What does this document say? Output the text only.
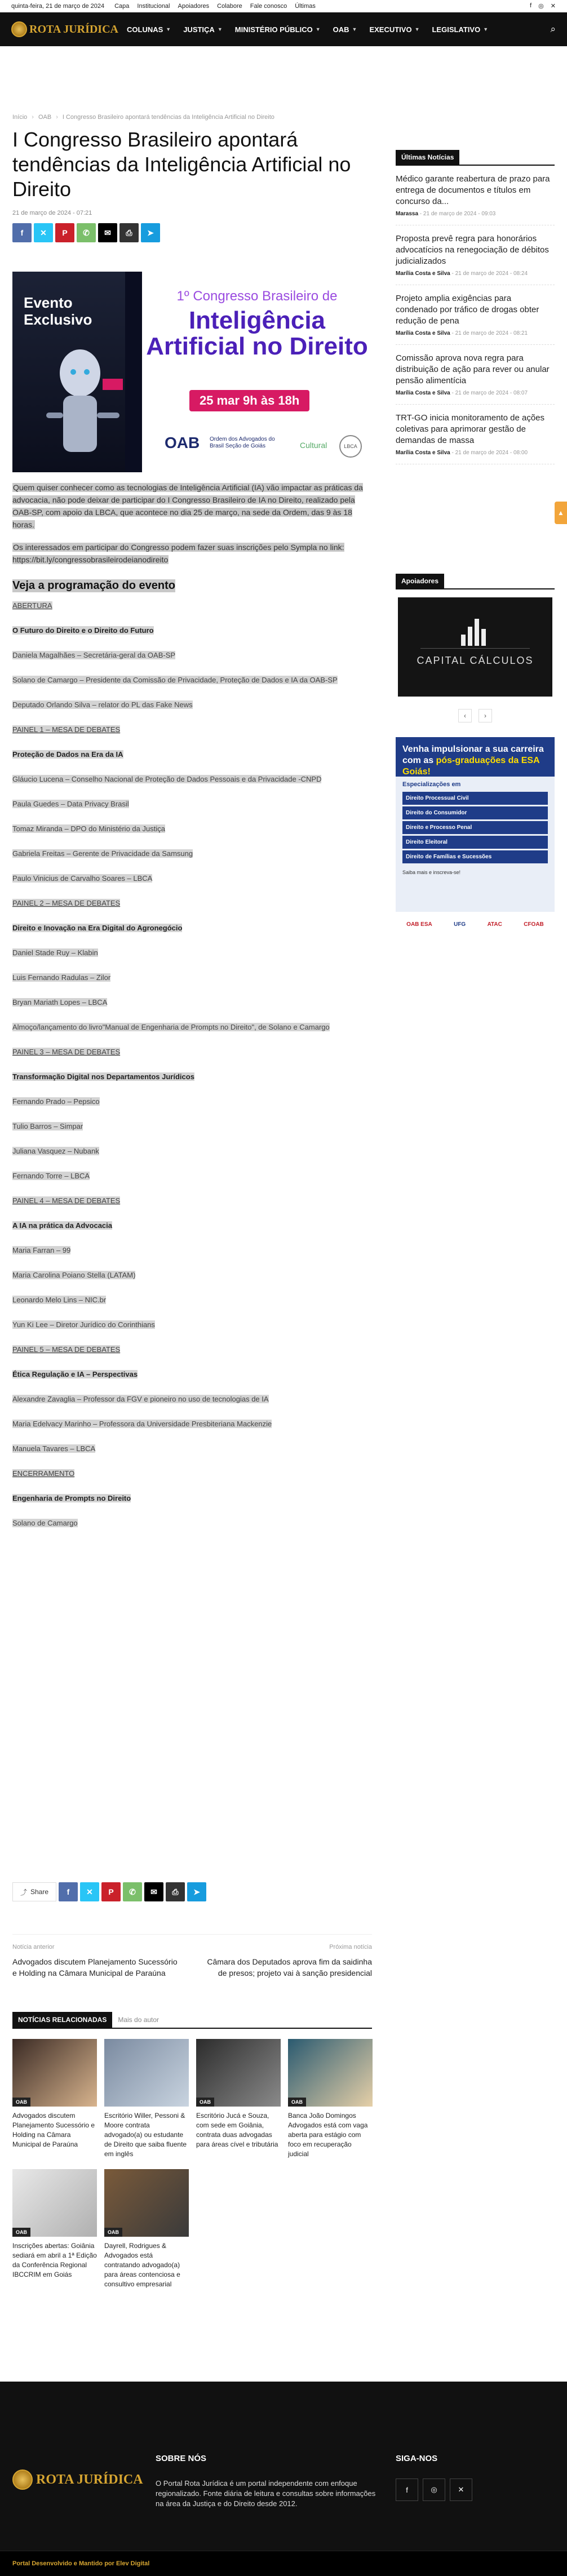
quinta-feira, 21 de março de 2024 Capa Institucional Apoiadores Colabore Fale conosco Últimas	f ◎ ✕
ROTA JURÍDICA COLUNAS ▼ JUSTIÇA ▼ MINISTÉRIO PÚBLICO ▼ OAB ▼ EXECUTIVO ▼ LEGISLATIVO ▼	⌕
Início › OAB › I Congresso Brasileiro apontará tendências da Inteligência Artificial no Direito
I Congresso Brasileiro apontará tendências da Inteligência Artificial no Direito
21 de março de 2024 - 07:21
f	✕	P	✆	✉	⎙	➤
Evento Exclusivo
1º Congresso Brasileiro de
Inteligência Artificial no Direito
25 mar 9h às 18h
OAB Ordem dos Advogados do Brasil Seção de Goiás	Cultural	LBCA

Quem quiser conhecer como as tecnologias de Inteligência Artificial (IA) vão impactar as práticas da advocacia, não pode deixar de participar do I Congresso Brasileiro de IA no Direito, realizado pela OAB-SP, com apoio da LBCA, que acontece no dia 25 de março, na sede da Ordem, das 9 às 18 horas.

Os interessados em participar do Congresso podem fazer suas inscrições pelo Sympla no link: https://bit.ly/congressobrasileirodeianodireito

Veja a programação do evento

ABERTURA

O Futuro do Direito e o Direito do Futuro

Daniela Magalhães – Secretária-geral da OAB-SP

Solano de Camargo – Presidente da Comissão de Privacidade, Proteção de Dados e IA da OAB-SP

Deputado Orlando Silva – relator do PL das Fake News

PAINEL 1 – MESA DE DEBATES

Proteção de Dados na Era da IA

Gláucio Lucena – Conselho Nacional de Proteção de Dados Pessoais e da Privacidade -CNPD

Paula Guedes – Data Privacy Brasil

Tomaz Miranda – DPO do Ministério da Justiça

Gabriela Freitas – Gerente de Privacidade da Samsung

Paulo Vinicius de Carvalho Soares – LBCA

PAINEL 2 – MESA DE DEBATES

Direito e Inovação na Era Digital do Agronegócio

Daniel Stade Ruy – Klabin

Luis Fernando Radulas – Zilor

Bryan Mariath Lopes – LBCA

Almoço/lançamento do livro"Manual de Engenharia de Prompts no Direito", de Solano e Camargo

PAINEL 3 – MESA DE DEBATES

Transformação Digital nos Departamentos Jurídicos

Fernando Prado – Pepsico

Tulio Barros – Simpar

Juliana Vasquez – Nubank

Fernando Torre – LBCA

PAINEL 4 – MESA DE DEBATES

A IA na prática da Advocacia

Maria Farran – 99

Maria Carolina Poiano Stella (LATAM)

Leonardo Melo Lins – NIC.br

Yun Ki Lee – Diretor Jurídico do Corinthians

PAINEL 5 – MESA DE DEBATES

Ética Regulação e IA – Perspectivas

Alexandre Zavaglia – Professor da FGV e pioneiro no uso de tecnologias de IA

Maria Edelvacy Marinho – Professora da Universidade Presbiteriana Mackenzie

Manuela Tavares – LBCA

ENCERRAMENTO

Engenharia de Prompts no Direito

Solano de Camargo

⤴ Share	f	✕	P	✆	✉	⎙	➤
Notícia anterior
Advogados discutem Planejamento Sucessório e Holding na Câmara Municipal de Paraúna
Próxima notícia
Câmara dos Deputados aprova fim da saidinha de presos; projeto vai à sanção presidencial
NOTÍCIAS RELACIONADAS	Mais do autor
OAB
Advogados discutem Planejamento Sucessório e Holding na Câmara Municipal de Paraúna
Escritório Willer, Pessoni & Moore contrata advogado(a) ou estudante de Direito que saiba fluente em inglês
OAB
Escritório Jucá e Souza, com sede em Goiânia, contrata duas advogadas para áreas cível e tributária
OAB
Banca João Domingos Advogados está com vaga aberta para estágio com foco em recuperação judicial
OAB
Inscrições abertas: Goiânia sediará em abril a 1ª Edição da Conferência Regional IBCCRIM em Goiás
OAB
Dayrell, Rodrigues & Advogados está contratando advogado(a) para áreas contenciosa e consultivo empresarial
Últimas Notícias
Médico garante reabertura de prazo para entrega de documentos e títulos em concurso da...
Marassa - 21 de março de 2024 - 09:03
Proposta prevê regra para honorários advocatícios na renegociação de débitos judicializados
Marília Costa e Silva - 21 de março de 2024 - 08:24
Projeto amplia exigências para condenado por tráfico de drogas obter redução de pena
Marília Costa e Silva - 21 de março de 2024 - 08:21
Comissão aprova nova regra para distribuição de ação para rever ou anular pensão alimentícia
Marília Costa e Silva - 21 de março de 2024 - 08:07
TRT-GO inicia monitoramento de ações coletivas para aprimorar gestão de demandas de massa
Marília Costa e Silva - 21 de março de 2024 - 08:00
Apoiadores
CAPITAL CÁLCULOS
‹	›
Venha impulsionar a sua carreira com as pós-graduações da ESA Goiás!
Especializações em
Direito Processual Civil
Direito do Consumidor
Direito e Processo Penal
Direito Eleitoral
Direito de Famílias e Sucessões
Saiba mais e inscreva-se!
OAB ESA	UFG	ATAC	CFOAB
▲
ROTA JURÍDICA
SOBRE NÓS
O Portal Rota Jurídica é um portal independente com enfoque regionalizado. Fonte diária de leitura e consultas sobre informações na área da Justiça e do Direito desde 2012.
SIGA-NOS
f	◎	✕
Portal Desenvolvido e Mantido por Elev Digital
